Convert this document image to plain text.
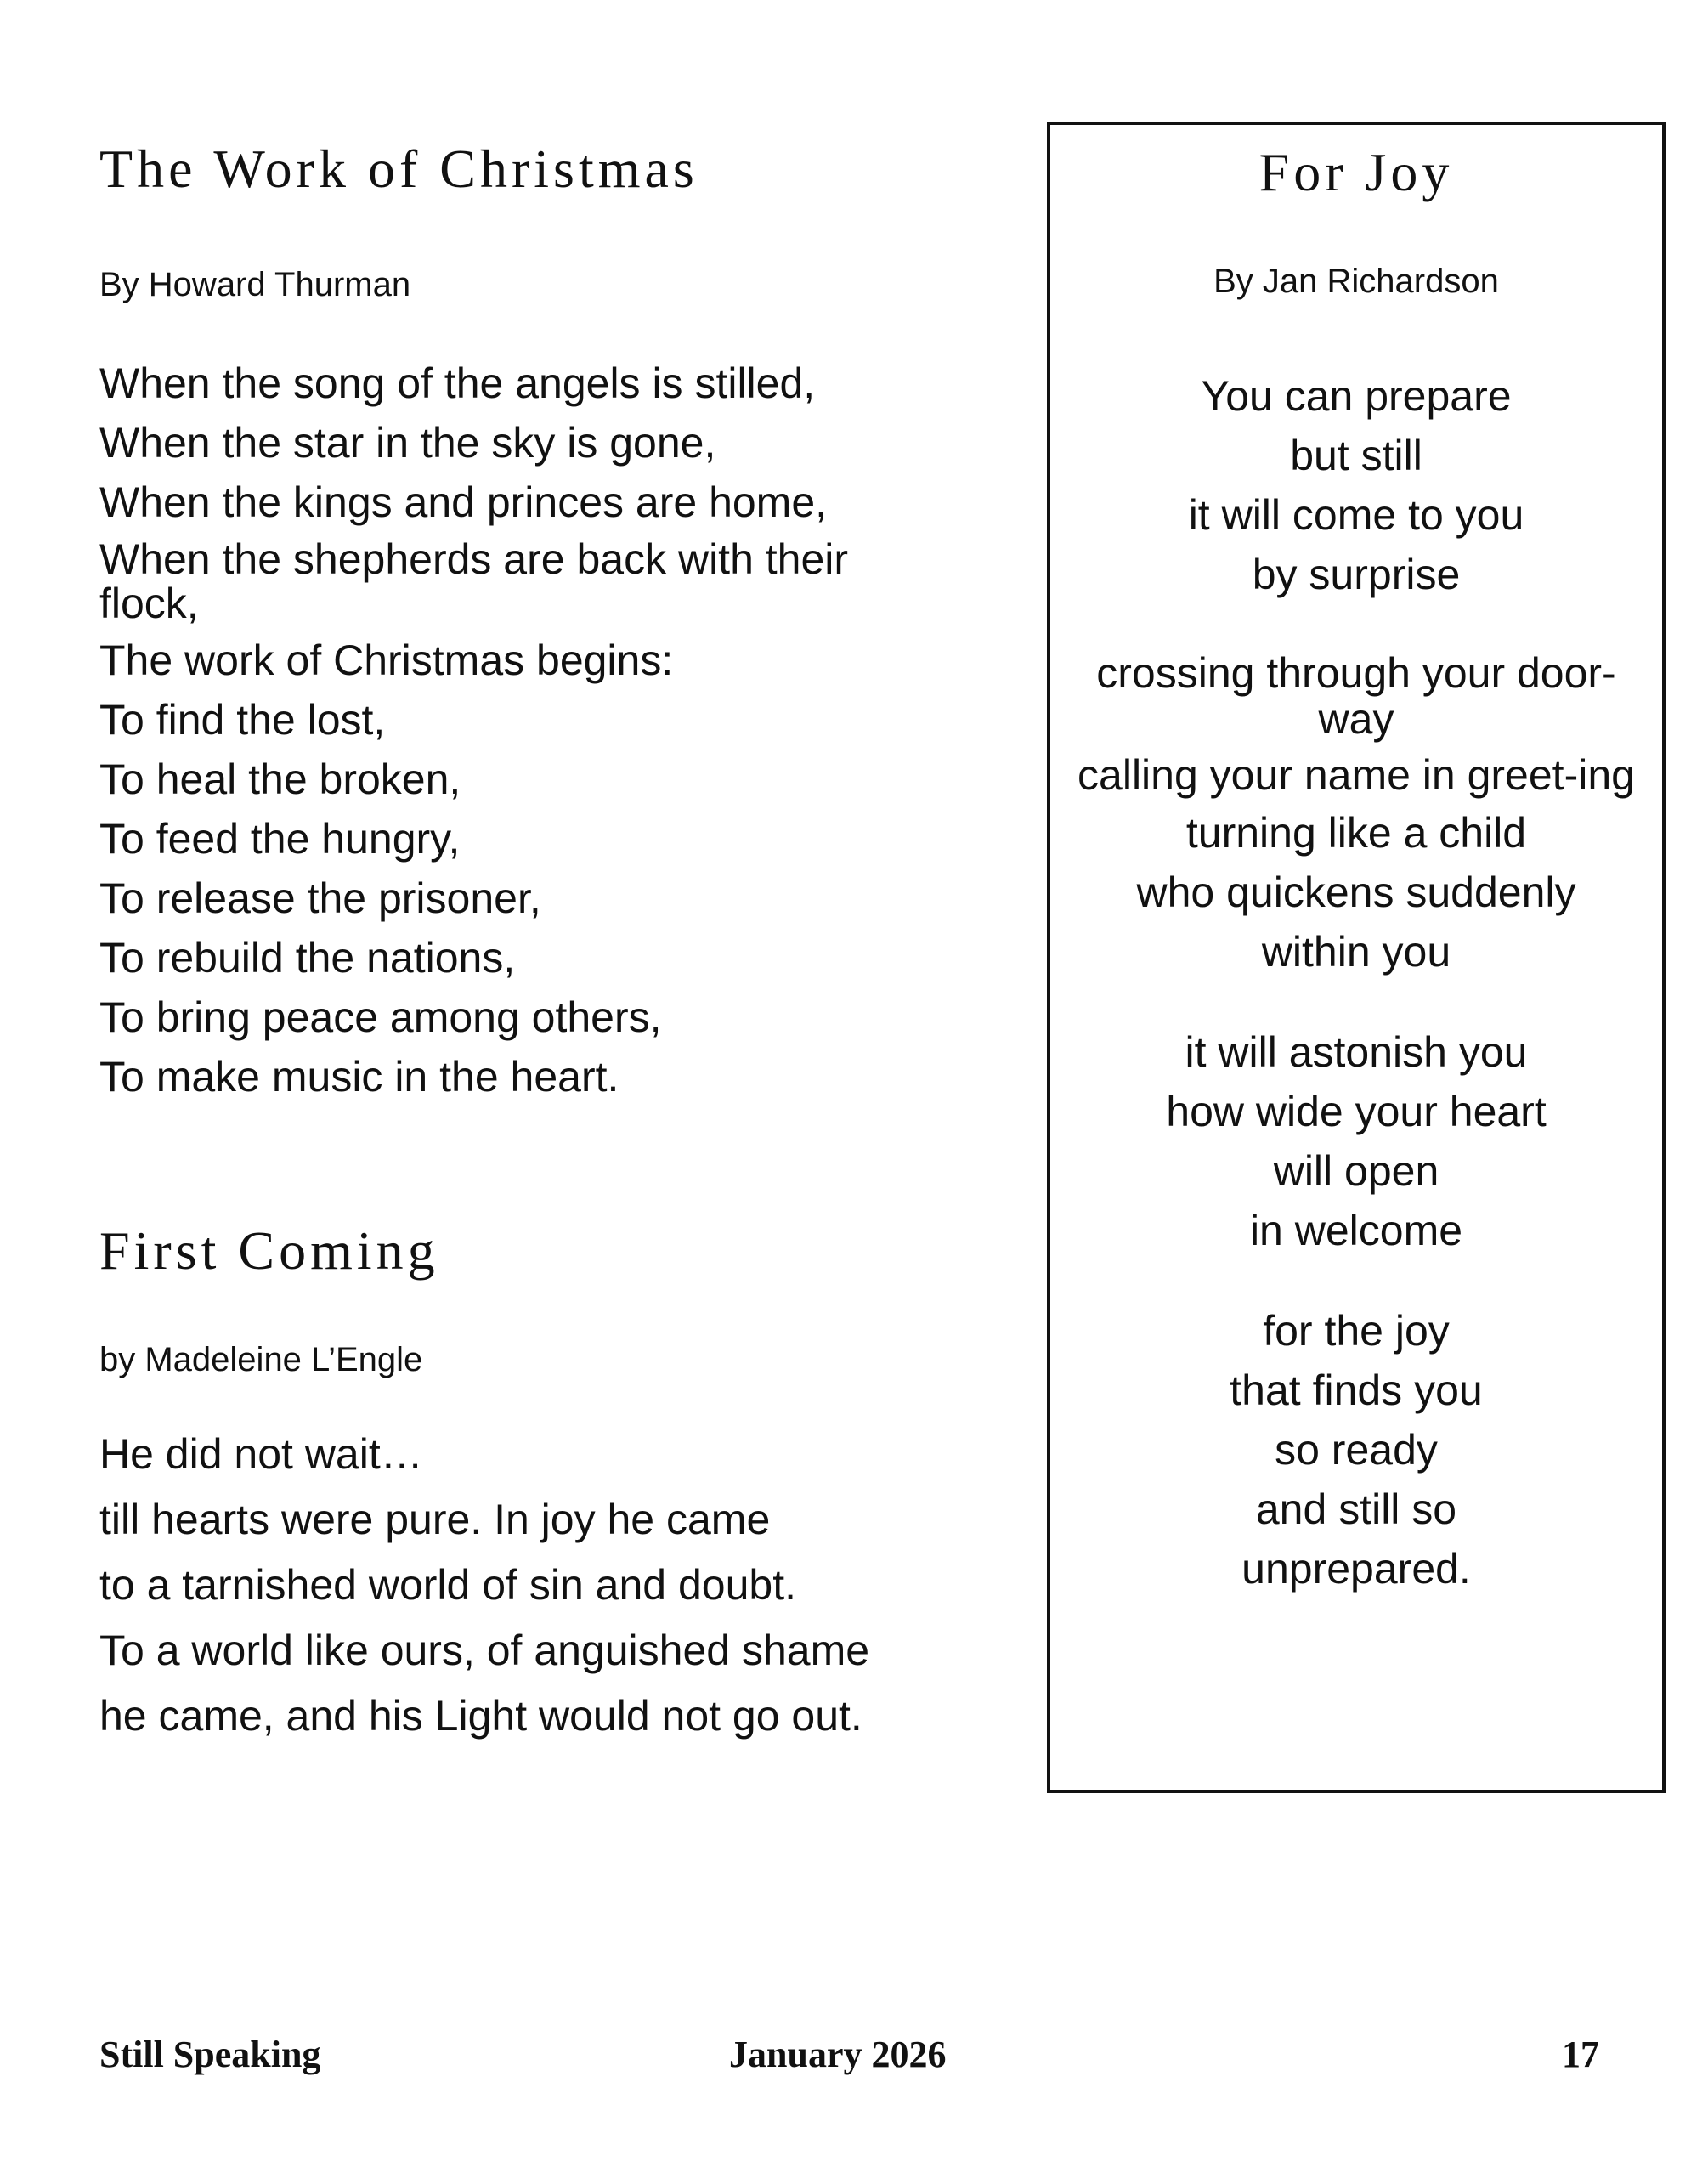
The Work of Christmas

By Howard Thurman

When the song of the angels is stilled,

When the star in the sky is gone,

When the kings and princes are home,

When the shepherds are back with their flock,

The work of Christmas begins:

To find the lost,

To heal the broken,

To feed the hungry,

To release the prisoner,

To rebuild the nations,

To bring peace among others,

To make music in the heart.

First Coming

by Madeleine L’Engle

He did not wait…

till hearts were pure. In joy he came

to a tarnished world of sin and doubt.

To a world like ours, of anguished shame

he came, and his Light would not go out.

For Joy

By Jan Richardson

You can prepare

but still

it will come to you

by surprise

crossing through your door-way

calling your name in greet-ing

turning like a child

who quickens suddenly

within you

it will astonish you

how wide your heart

will open

in welcome

for the joy

that finds you

so ready

and still so

unprepared.

Still Speaking	January 2026	17
